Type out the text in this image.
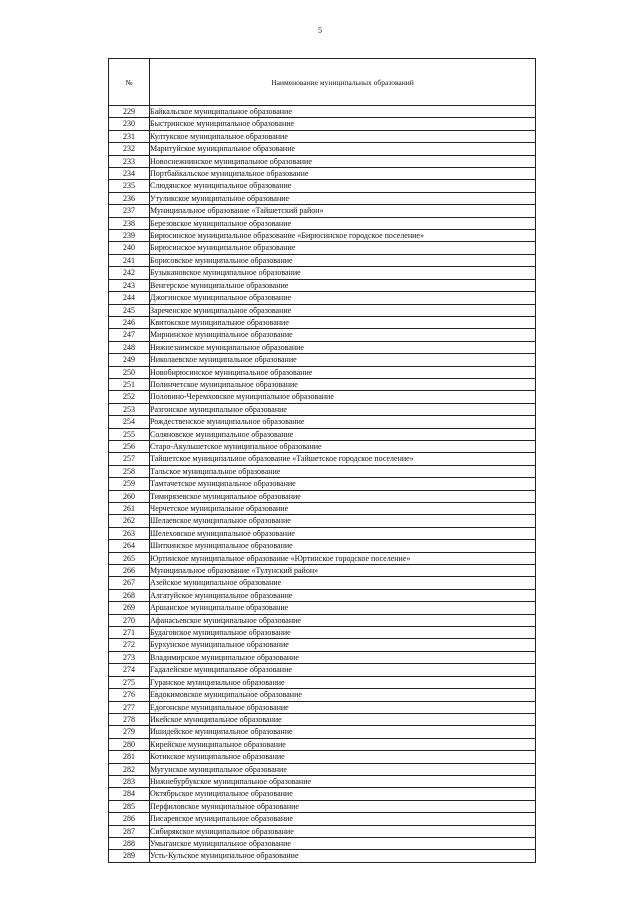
5
№	Наименование муниципальных образований
229	Байкальское муниципальное образование
230	Быстринское муниципальное образование
231	Култукское муниципальное образование
232	Маритуйское муниципальное образование
233	Новоснежнинское муниципальное образование
234	Портбайкальское муниципальное образование
235	Слюдянское муниципальное образование
236	Утуликское муниципальное образование
237	Муниципальное образование «Тайшетский район»
238	Березовское муниципальное образование
239	Бирюсинское муниципальное образование «Бирюсинское городское поселение»
240	Бирюсинское муниципальное образование
241	Борисовское муниципальное образование
242	Бузыкановское муниципальное образование
243	Венгерское муниципальное образование
244	Джогинское муниципальное образование
245	Зареченское муниципальное образование
246	Квитокское муниципальное образование
247	Мирнинское муниципальное образование
248	Нижнезаимское муниципальное образование
249	Николаевское муниципальное образование
250	Новобирюсинское муниципальное образование
251	Полинчетское муниципальное образование
252	Половино-Черемховское муниципальное образование
253	Разгонское муниципальное образование
254	Рождественское муниципальное образование
255	Соляновское муниципальное образование
256	Старо-Акульшетское муниципальное образование
257	Тайшетское муниципальное образование «Тайшетское городское поселение»
258	Тальское муниципальное образование
259	Тамтачетское муниципальное образование
260	Тимирязевское муниципальное образование
261	Черчетское муниципальное образование
262	Шелаевское муниципальное образование
263	Шелеховское муниципальное образование
264	Шиткинское муниципальное образование
265	Юртинское муниципальное образование «Юртинское городское поселение»
266	Муниципальное образование «Тулунский район»
267	Азейское муниципальное образование
268	Алгатуйское муниципальное образование
269	Аршанское муниципальное образование
270	Афанасьевское муниципальное образование
271	Будаговское муниципальное образование
272	Бурхунское муниципальное образование
273	Владимирское муниципальное образование
274	Гадалейское муниципальное образование
275	Гуранское муниципальное образование
276	Евдокимовское муниципальное образование
277	Едогонское муниципальное образование
278	Икейское муниципальное образование
279	Ишидейское муниципальное образование
280	Кирейское муниципальное образование
281	Котикское муниципальное образование
282	Мугунское муниципальное образование
283	Нижнебурбукское муниципальное образование
284	Октябрьское муниципальное образование
285	Перфиловское муниципальное образование
286	Писаревское муниципальное образование
287	Сибирякское муниципальное образование
288	Умыганское муниципальное образование
289	Усть-Кульское муниципальное образование
